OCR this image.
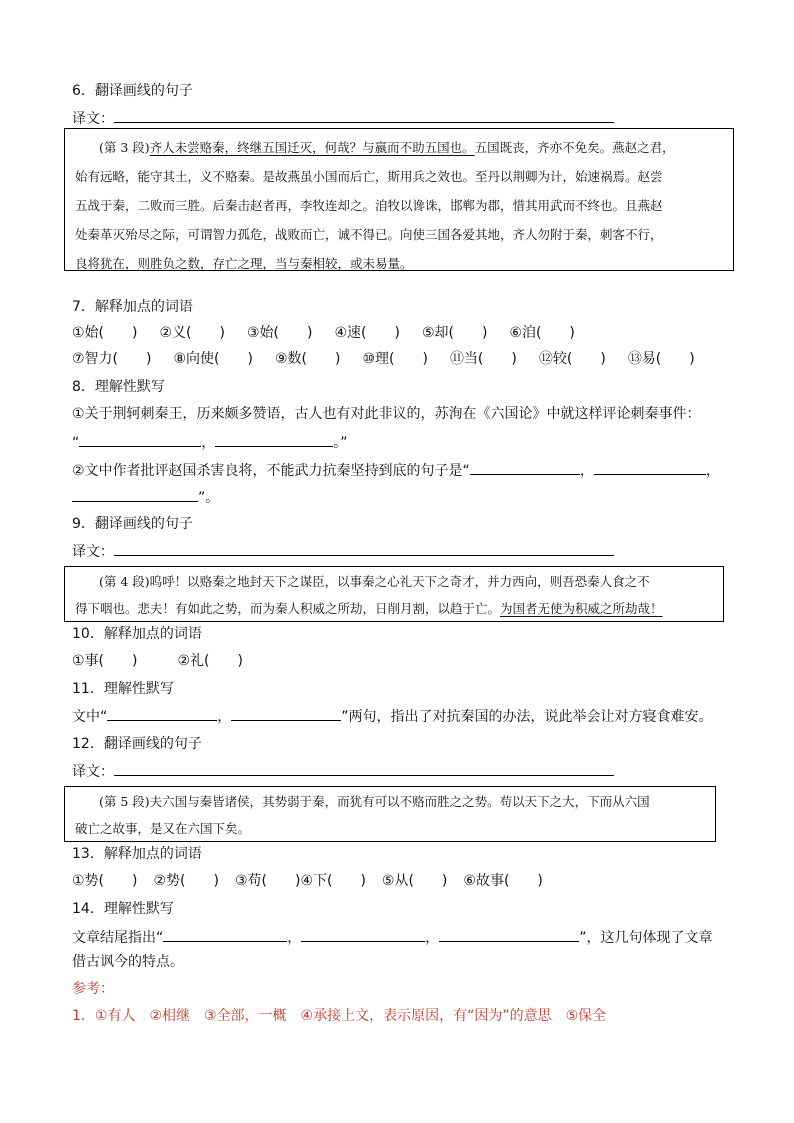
6．翻译画线的句子
译文：
(第 3 段)齐人未尝赂秦，终继五国迁灭，何哉？与嬴而不助五国也。五国既丧，齐亦不免矣。燕赵之君，
始有远略，能守其土，义不赂秦。是故燕虽小国而后亡，斯用兵之效也。至丹以荆卿为计，始速祸焉。赵尝
五战于秦，二败而三胜。后秦击赵者再，李牧连却之。洎牧以谗诛，邯郸为郡，惜其用武而不终也。且燕赵
处秦革灭殆尽之际，可谓智力孤危，战败而亡，诚不得已。向使三国各爱其地，齐人勿附于秦，刺客不行，
良将犹在，则胜负之数，存亡之理，当与秦相较，或未易量。
7．解释加点的词语
①始(　　) ②义(　　) ③始(　　) ④速(　　) ⑤却(　　) ⑥洎(　　)
⑦智力(　　) ⑧向使(　　) ⑨数(　　) ⑩理(　　) ⑪当(　　) ⑫较(　　) ⑬易(　　)
8．理解性默写
①关于荆轲刺秦王，历来颇多赞语，古人也有对此非议的，苏洵在《六国论》中就这样评论刺秦事件：
“	，	。”
②文中作者批评赵国杀害良将，不能武力抗秦坚持到底的句子是“	，	，
”。
9．翻译画线的句子
译文：
(第 4 段)呜呼！以赂秦之地封天下之谋臣，以事秦之心礼天下之奇才，并力西向，则吾恐秦人食之不
得下咽也。悲夫！有如此之势，而为秦人积威之所劫，日削月割，以趋于亡。为国者无使为积威之所劫哉！
10．解释加点的词语
①事(　　)	②礼(　　)
11．理解性默写
文中“	，	”两句，指出了对抗秦国的办法，说此举会让对方寝食难安。
12．翻译画线的句子
译文：
(第 5 段)夫六国与秦皆诸侯，其势弱于秦，而犹有可以不赂而胜之之势。苟以天下之大，下而从六国
破亡之故事，是又在六国下矣。
13．解释加点的词语
①势(　　) ②势(　　) ③苟(　　)④下(　　) ⑤从(　　) ⑥故事(　　)
14．理解性默写
文章结尾指出“	，	，	”，这几句体现了文章
借古讽今的特点。
参考：
1．①有人　②相继　③全部，一概　④承接上文，表示原因，有“因为”的意思　⑤保全
